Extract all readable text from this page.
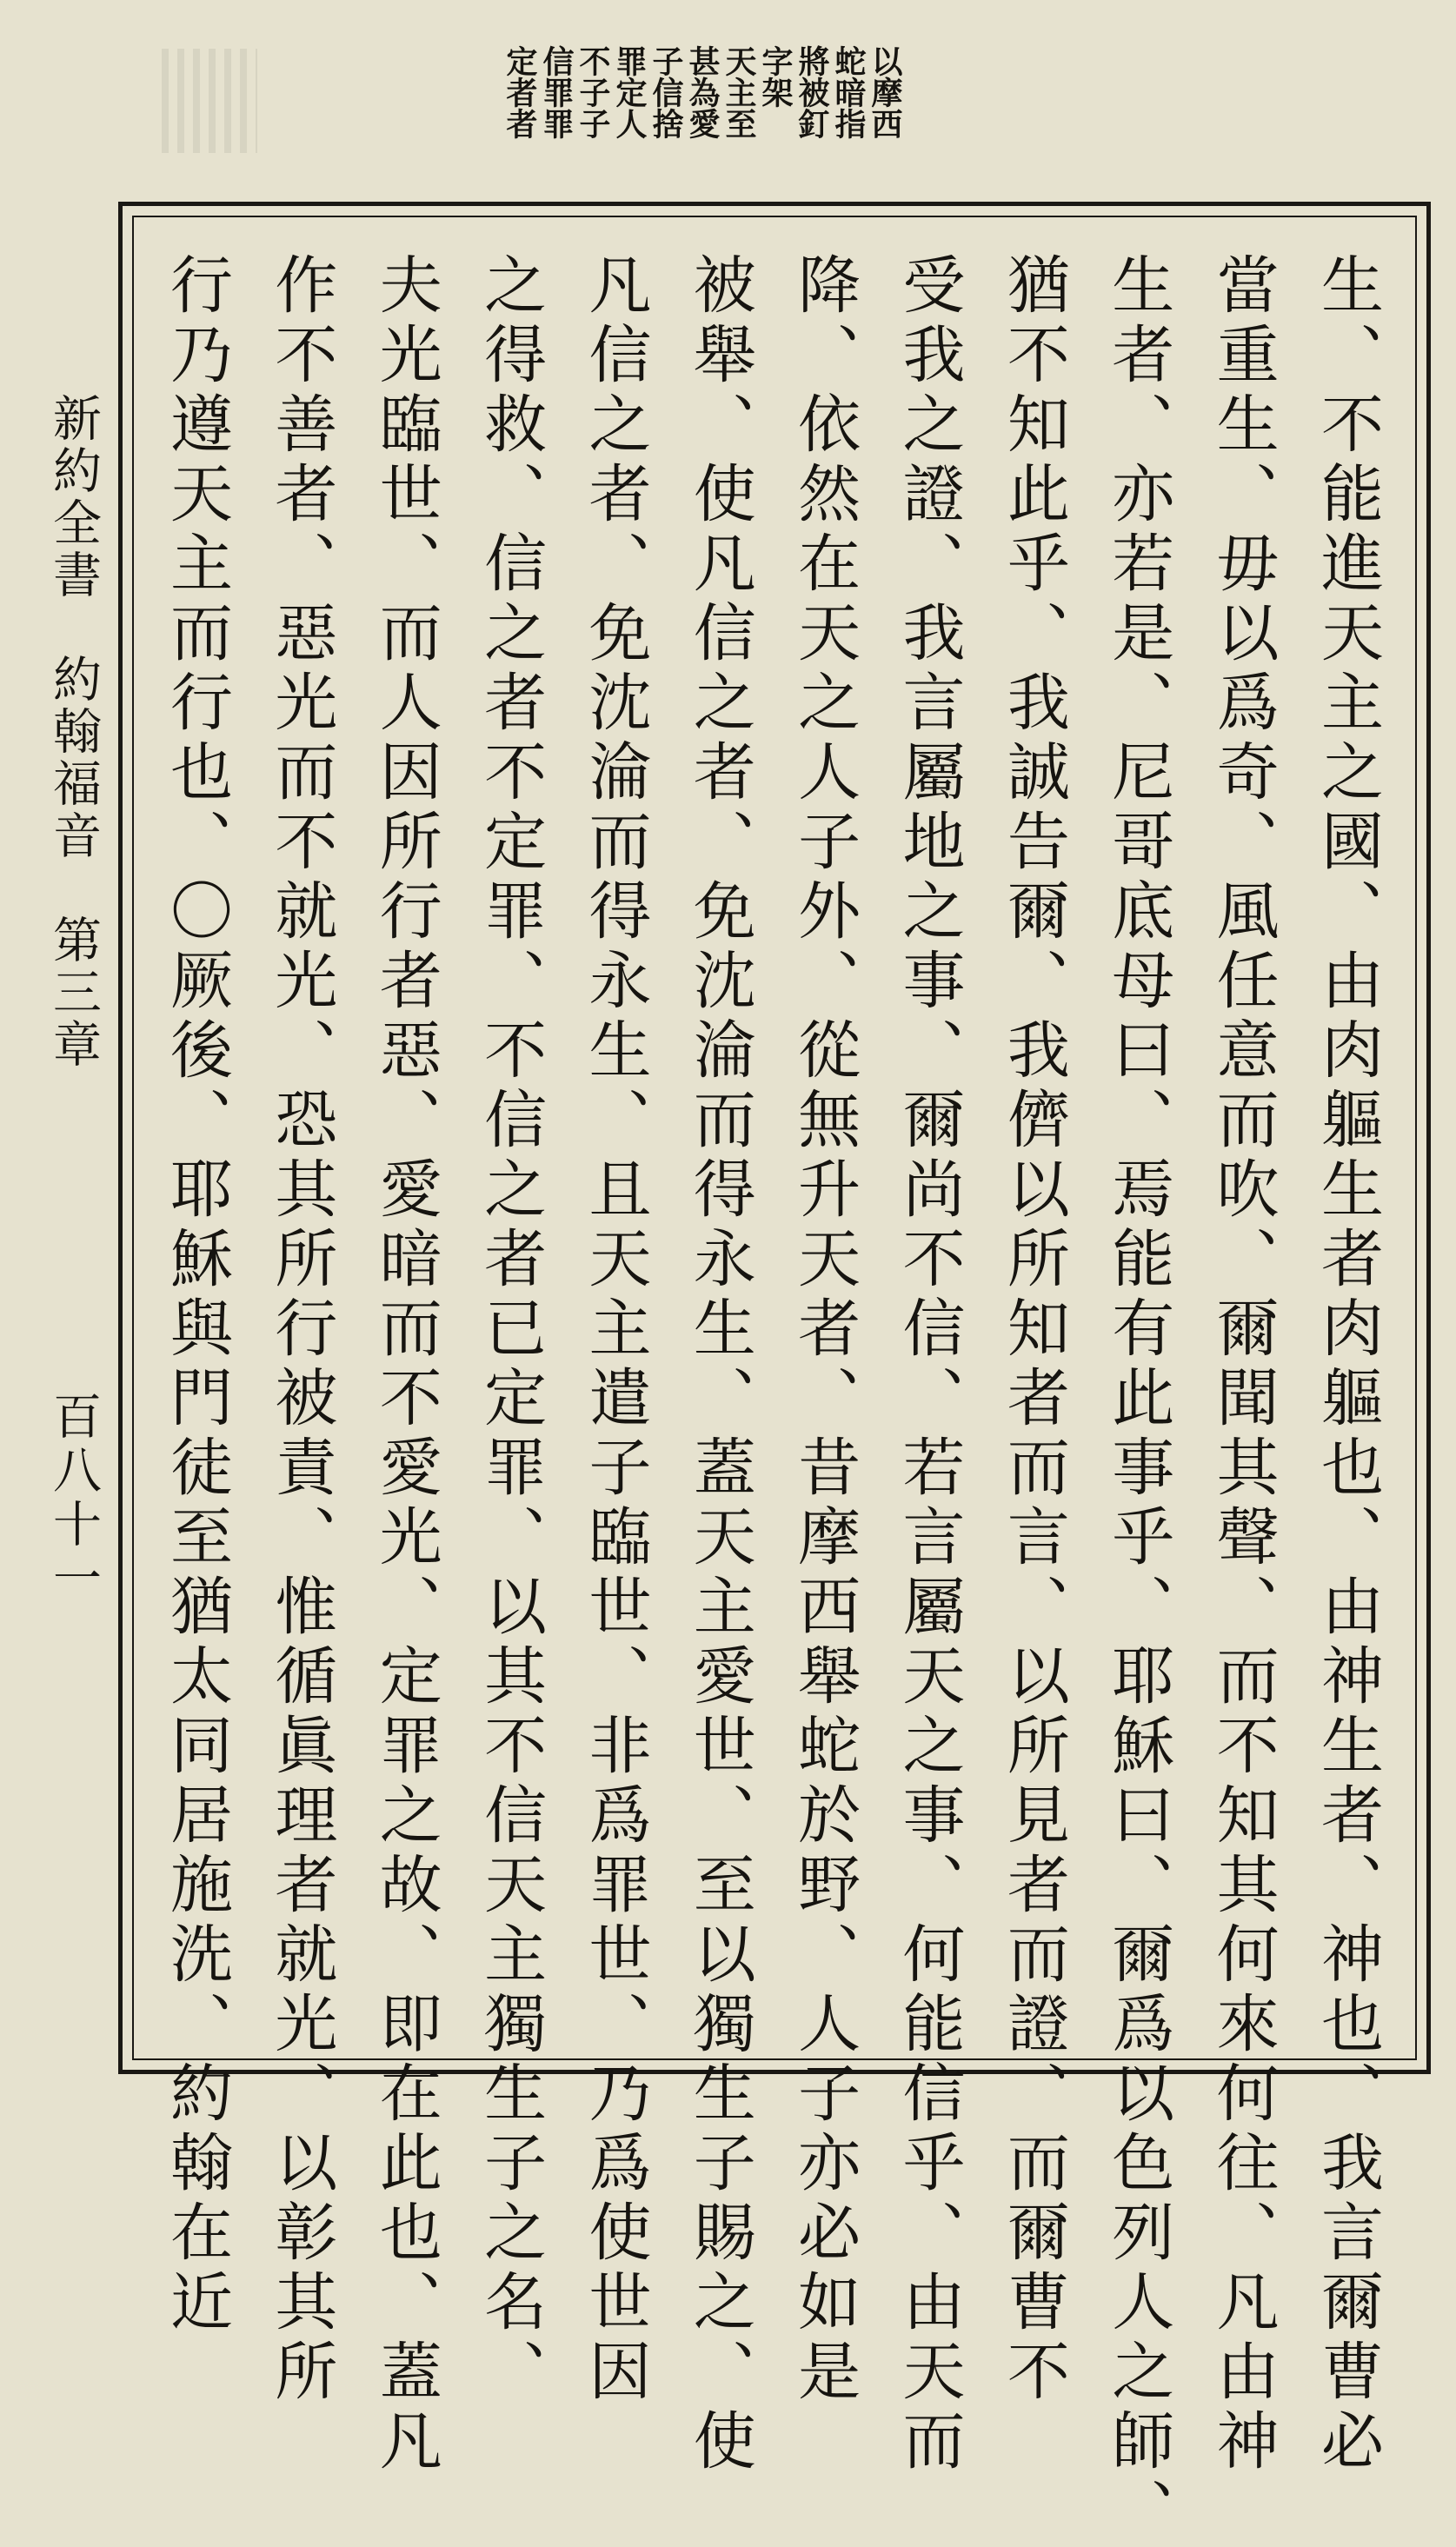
以摩西
蛇暗指
將被釘
字架
天主至
甚為愛
子信捨
罪定人
不子子
信罪罪
定者者
生、不能進天主之國、由肉軀生者肉軀也、由神生者、神也、我言爾曹必
當重生、毋以爲奇、風任意而吹、爾聞其聲、而不知其何來何往、凡由神
生者、亦若是、尼哥底母曰、焉能有此事乎、耶穌曰、爾爲以色列人之師、
猶不知此乎、我誠告爾、我儕以所知者而言、以所見者而證、而爾曹不
受我之證、我言屬地之事、爾尚不信、若言屬天之事、何能信乎、由天而
降、依然在天之人子外、從無升天者、昔摩西舉蛇於野、人子亦必如是
被舉、使凡信之者、免沈淪而得永生、蓋天主愛世、至以獨生子賜之、使
凡信之者、免沈淪而得永生、且天主遣子臨世、非爲罪世、乃爲使世因
之得救、信之者不定罪、不信之者已定罪、以其不信天主獨生子之名、
夫光臨世、而人因所行者惡、愛暗而不愛光、定罪之故、即在此也、蓋凡
作不善者、惡光而不就光、恐其所行被責、惟循眞理者就光、以彰其所
行乃遵天主而行也、〇厥後、耶穌與門徒至猶太同居施洗、約翰在近
新約全書　約翰福音　第三章
百八十一
